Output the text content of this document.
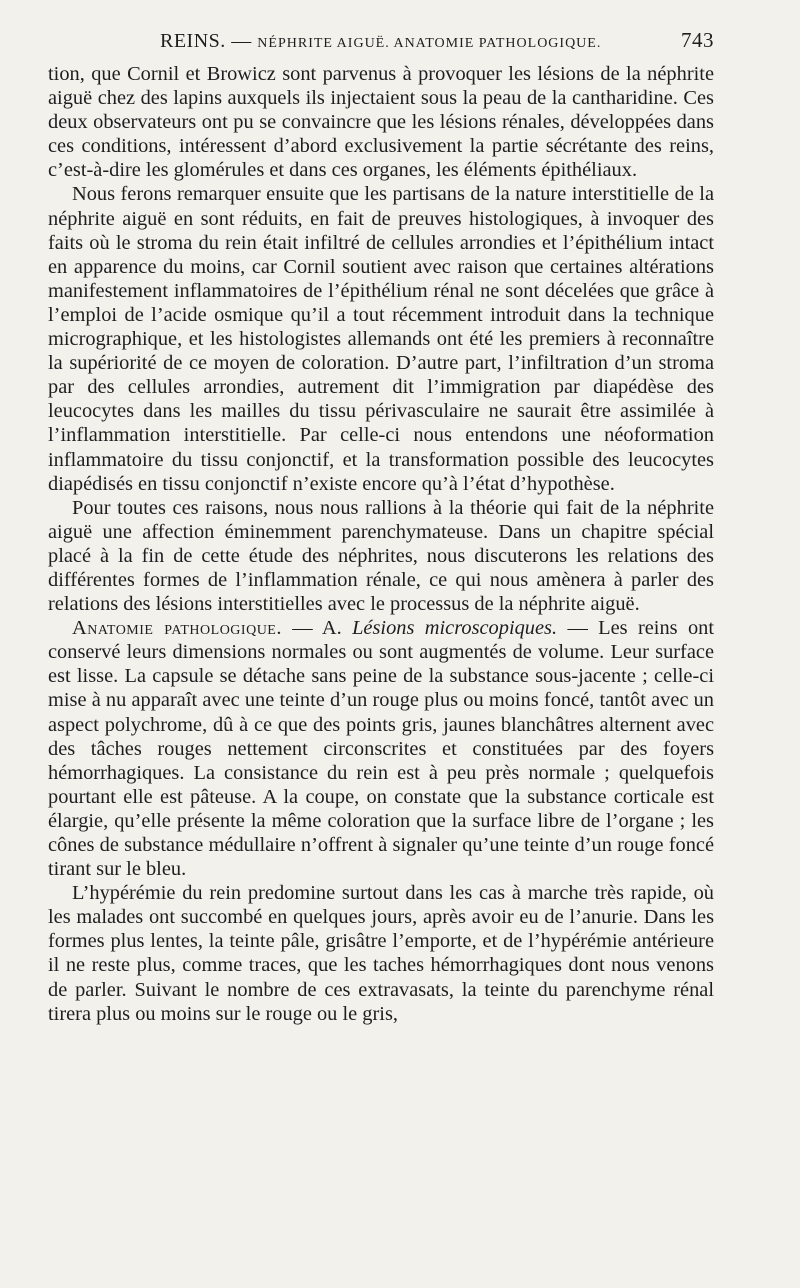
REINS. — NÉPHRITE AIGUË. ANATOMIE PATHOLOGIQUE.	743

tion, que Cornil et Browicz sont parvenus à provoquer les lésions de la néphrite aiguë chez des lapins auxquels ils injectaient sous la peau de la cantharidine. Ces deux observateurs ont pu se convaincre que les lésions rénales, développées dans ces conditions, intéressent d’abord exclusivement la partie sécrétante des reins, c’est-à-dire les glomérules et dans ces organes, les éléments épithéliaux.

Nous ferons remarquer ensuite que les partisans de la nature interstitielle de la néphrite aiguë en sont réduits, en fait de preuves histologiques, à invoquer des faits où le stroma du rein était infiltré de cellules arrondies et l’épithélium intact en apparence du moins, car Cornil soutient avec raison que certaines altérations manifestement inflammatoires de l’épithélium rénal ne sont décelées que grâce à l’emploi de l’acide osmique qu’il a tout récemment introduit dans la technique micrographique, et les histologistes allemands ont été les premiers à reconnaître la supériorité de ce moyen de coloration. D’autre part, l’infiltration d’un stroma par des cellules arrondies, autrement dit l’immigration par diapédèse des leucocytes dans les mailles du tissu périvasculaire ne saurait être assimilée à l’inflammation interstitielle. Par celle-ci nous entendons une néoformation inflammatoire du tissu conjonctif, et la transformation possible des leucocytes diapédisés en tissu conjonctif n’existe encore qu’à l’état d’hypothèse.

Pour toutes ces raisons, nous nous rallions à la théorie qui fait de la néphrite aiguë une affection éminemment parenchymateuse. Dans un chapitre spécial placé à la fin de cette étude des néphrites, nous discuterons les relations des différentes formes de l’inflammation rénale, ce qui nous amènera à parler des relations des lésions interstitielles avec le processus de la néphrite aiguë.

Anatomie pathologique. — A. Lésions microscopiques. — Les reins ont conservé leurs dimensions normales ou sont augmentés de volume. Leur surface est lisse. La capsule se détache sans peine de la substance sous-jacente ; celle-ci mise à nu apparaît avec une teinte d’un rouge plus ou moins foncé, tantôt avec un aspect polychrome, dû à ce que des points gris, jaunes blanchâtres alternent avec des tâches rouges nettement circonscrites et constituées par des foyers hémorrhagiques. La consistance du rein est à peu près normale ; quelquefois pourtant elle est pâteuse. A la coupe, on constate que la substance corticale est élargie, qu’elle présente la même coloration que la surface libre de l’organe ; les cônes de substance médullaire n’offrent à signaler qu’une teinte d’un rouge foncé tirant sur le bleu.

L’hypérémie du rein predomine surtout dans les cas à marche très rapide, où les malades ont succombé en quelques jours, après avoir eu de l’anurie. Dans les formes plus lentes, la teinte pâle, grisâtre l’emporte, et de l’hypérémie antérieure il ne reste plus, comme traces, que les taches hémorrhagiques dont nous venons de parler. Suivant le nombre de ces extravasats, la teinte du parenchyme rénal tirera plus ou moins sur le rouge ou le gris,
